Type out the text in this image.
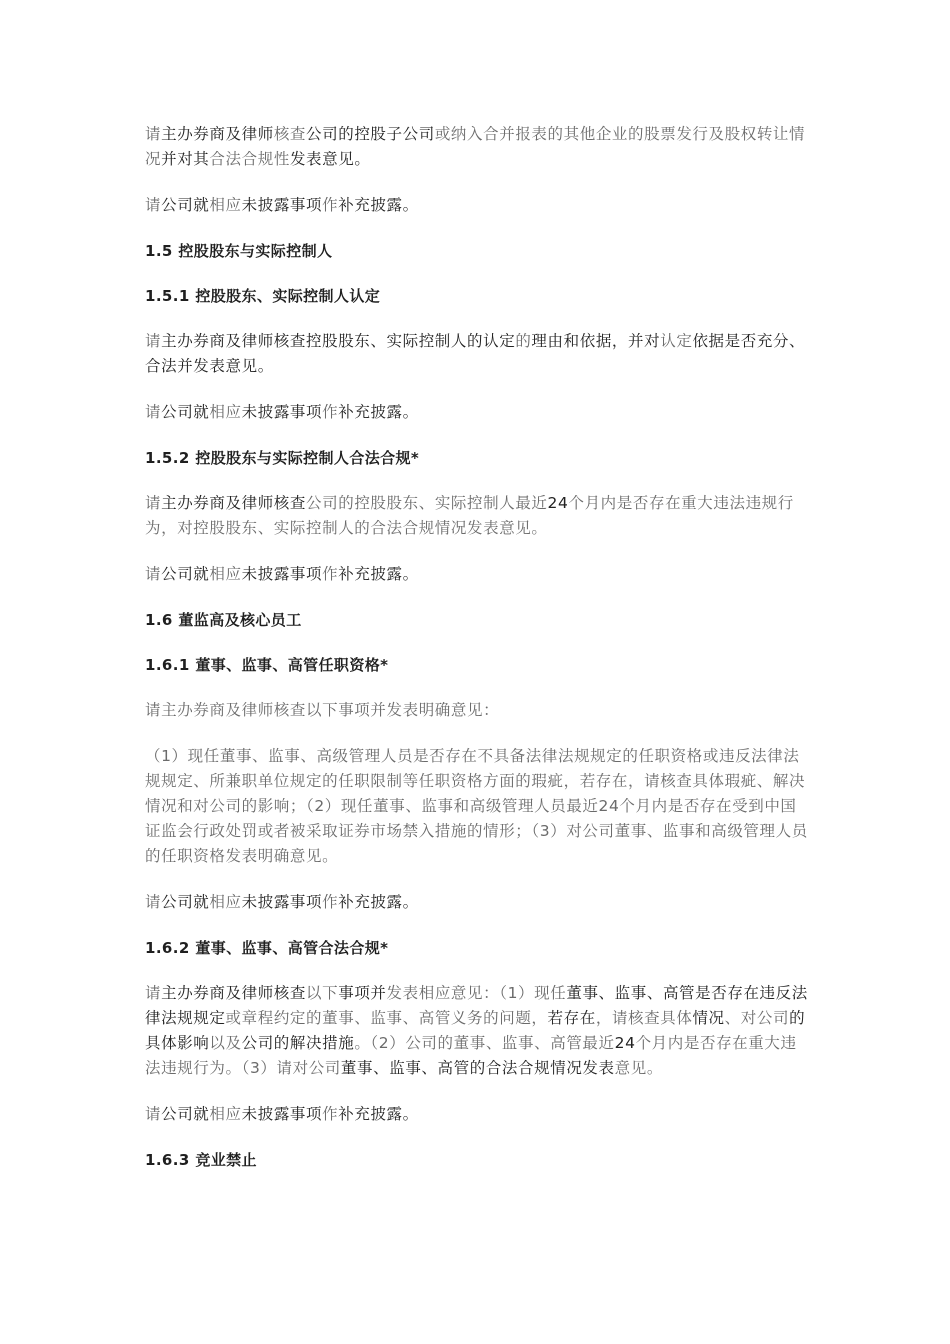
请主办券商及律师核查公司的控股子公司或纳入合并报表的其他企业的股票发行及股权转让情况并对其合法合规性发表意见。

请公司就相应未披露事项作补充披露。

1.5 控股股东与实际控制人
1.5.1 控股股东、实际控制人认定

请主办券商及律师核查控股股东、实际控制人的认定的理由和依据，并对认定依据是否充分、合法并发表意见。

请公司就相应未披露事项作补充披露。

1.5.2 控股股东与实际控制人合法合规*

请主办券商及律师核查公司的控股股东、实际控制人最近24个月内是否存在重大违法违规行为，对控股股东、实际控制人的合法合规情况发表意见。

请公司就相应未披露事项作补充披露。

1.6 董监高及核心员工
1.6.1 董事、监事、高管任职资格*

请主办券商及律师核查以下事项并发表明确意见：

（1）现任董事、监事、高级管理人员是否存在不具备法律法规规定的任职资格或违反法律法规规定、所兼职单位规定的任职限制等任职资格方面的瑕疵，若存在，请核查具体瑕疵、解决情况和对公司的影响；（2）现任董事、监事和高级管理人员最近24个月内是否存在受到中国证监会行政处罚或者被采取证券市场禁入措施的情形；（3）对公司董事、监事和高级管理人员的任职资格发表明确意见。

请公司就相应未披露事项作补充披露。

1.6.2 董事、监事、高管合法合规*

请主办券商及律师核查以下事项并发表相应意见：（1）现任董事、监事、高管是否存在违反法律法规规定或章程约定的董事、监事、高管义务的问题，若存在，请核查具体情况、对公司的具体影响以及公司的解决措施。（2）公司的董事、监事、高管最近24个月内是否存在重大违法违规行为。（3）请对公司董事、监事、高管的合法合规情况发表意见。

请公司就相应未披露事项作补充披露。

1.6.3 竞业禁止
